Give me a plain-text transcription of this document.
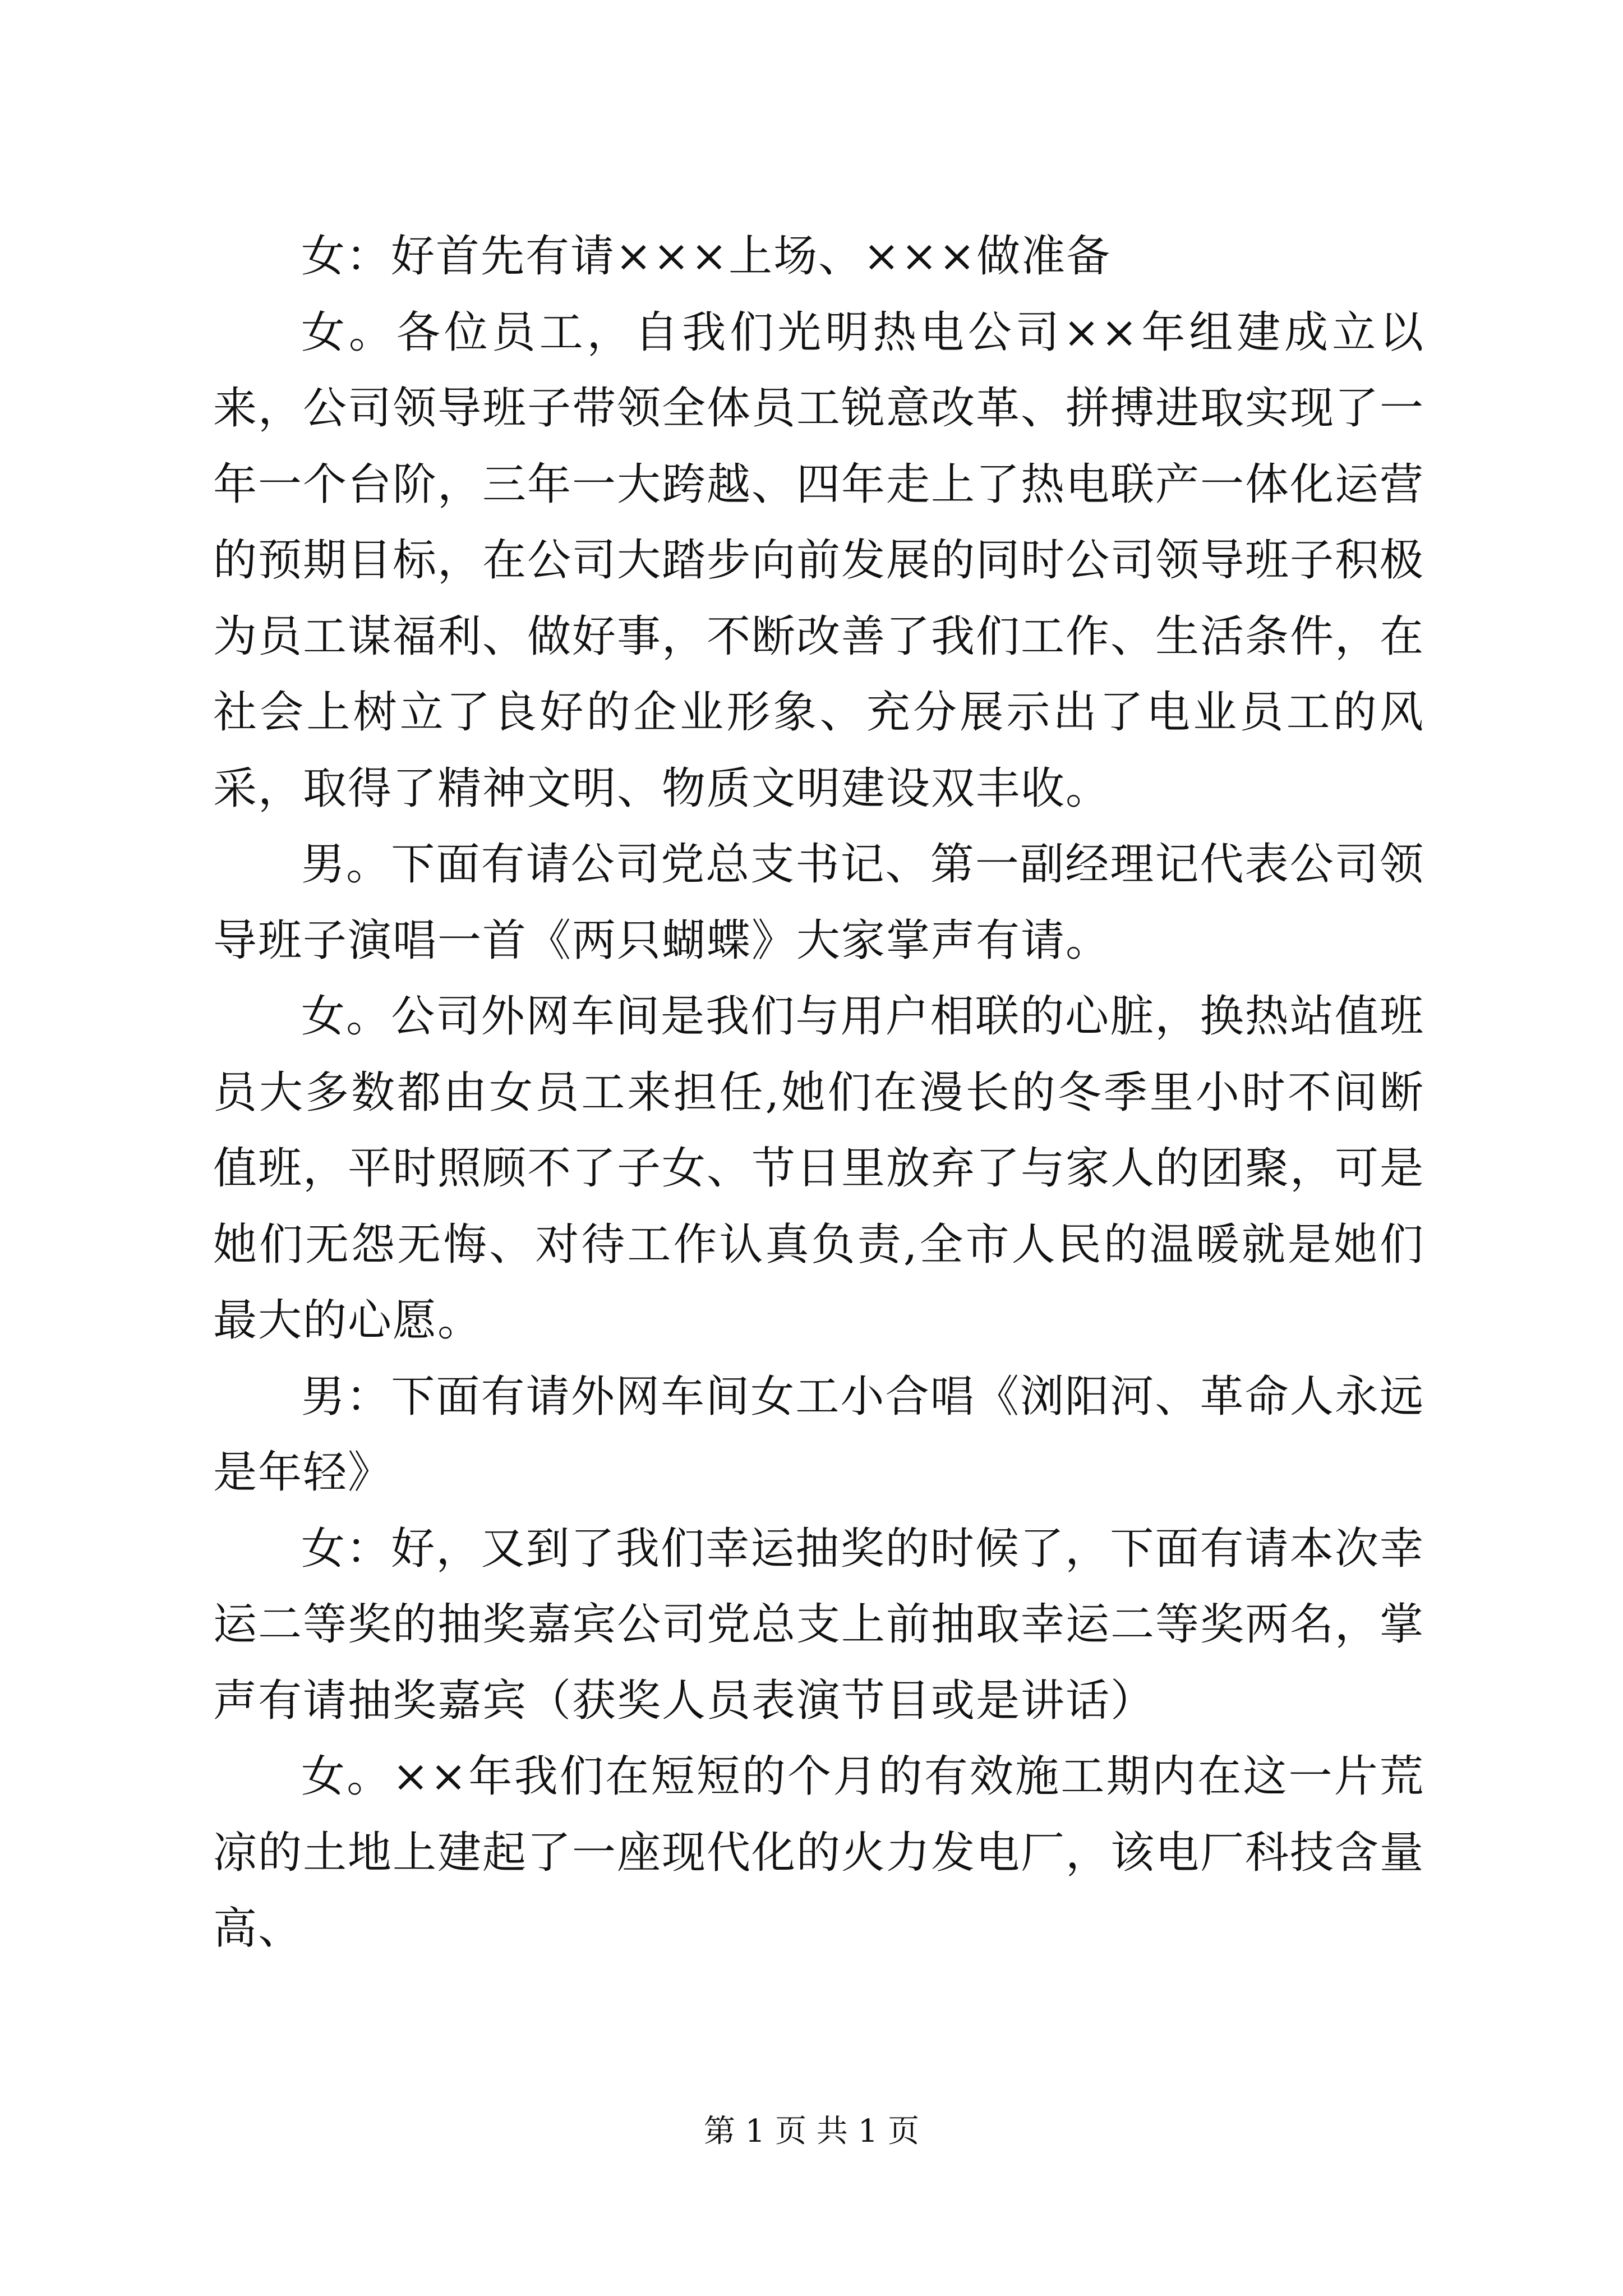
女：好首先有请×××上场、×××做准备

女。各位员工，自我们光明热电公司××年组建成立以来，公司领导班子带领全体员工锐意改革、拼搏进取实现了一年一个台阶，三年一大跨越、四年走上了热电联产一体化运营的预期目标，在公司大踏步向前发展的同时公司领导班子积极为员工谋福利、做好事，不断改善了我们工作、生活条件，在社会上树立了良好的企业形象、充分展示出了电业员工的风采，取得了精神文明、物质文明建设双丰收。

男。下面有请公司党总支书记、第一副经理记代表公司领导班子演唱一首《两只蝴蝶》大家掌声有请。

女。公司外网车间是我们与用户相联的心脏，换热站值班员大多数都由女员工来担任,她们在漫长的冬季里小时不间断值班，平时照顾不了子女、节日里放弃了与家人的团聚，可是她们无怨无悔、对待工作认真负责,全市人民的温暖就是她们最大的心愿。

男：下面有请外网车间女工小合唱《浏阳河、革命人永远是年轻》

女：好，又到了我们幸运抽奖的时候了，下面有请本次幸运二等奖的抽奖嘉宾公司党总支上前抽取幸运二等奖两名，掌声有请抽奖嘉宾（获奖人员表演节目或是讲话）

女。××年我们在短短的个月的有效施工期内在这一片荒凉的土地上建起了一座现代化的火力发电厂，该电厂科技含量高、

第 1 页 共 1 页
